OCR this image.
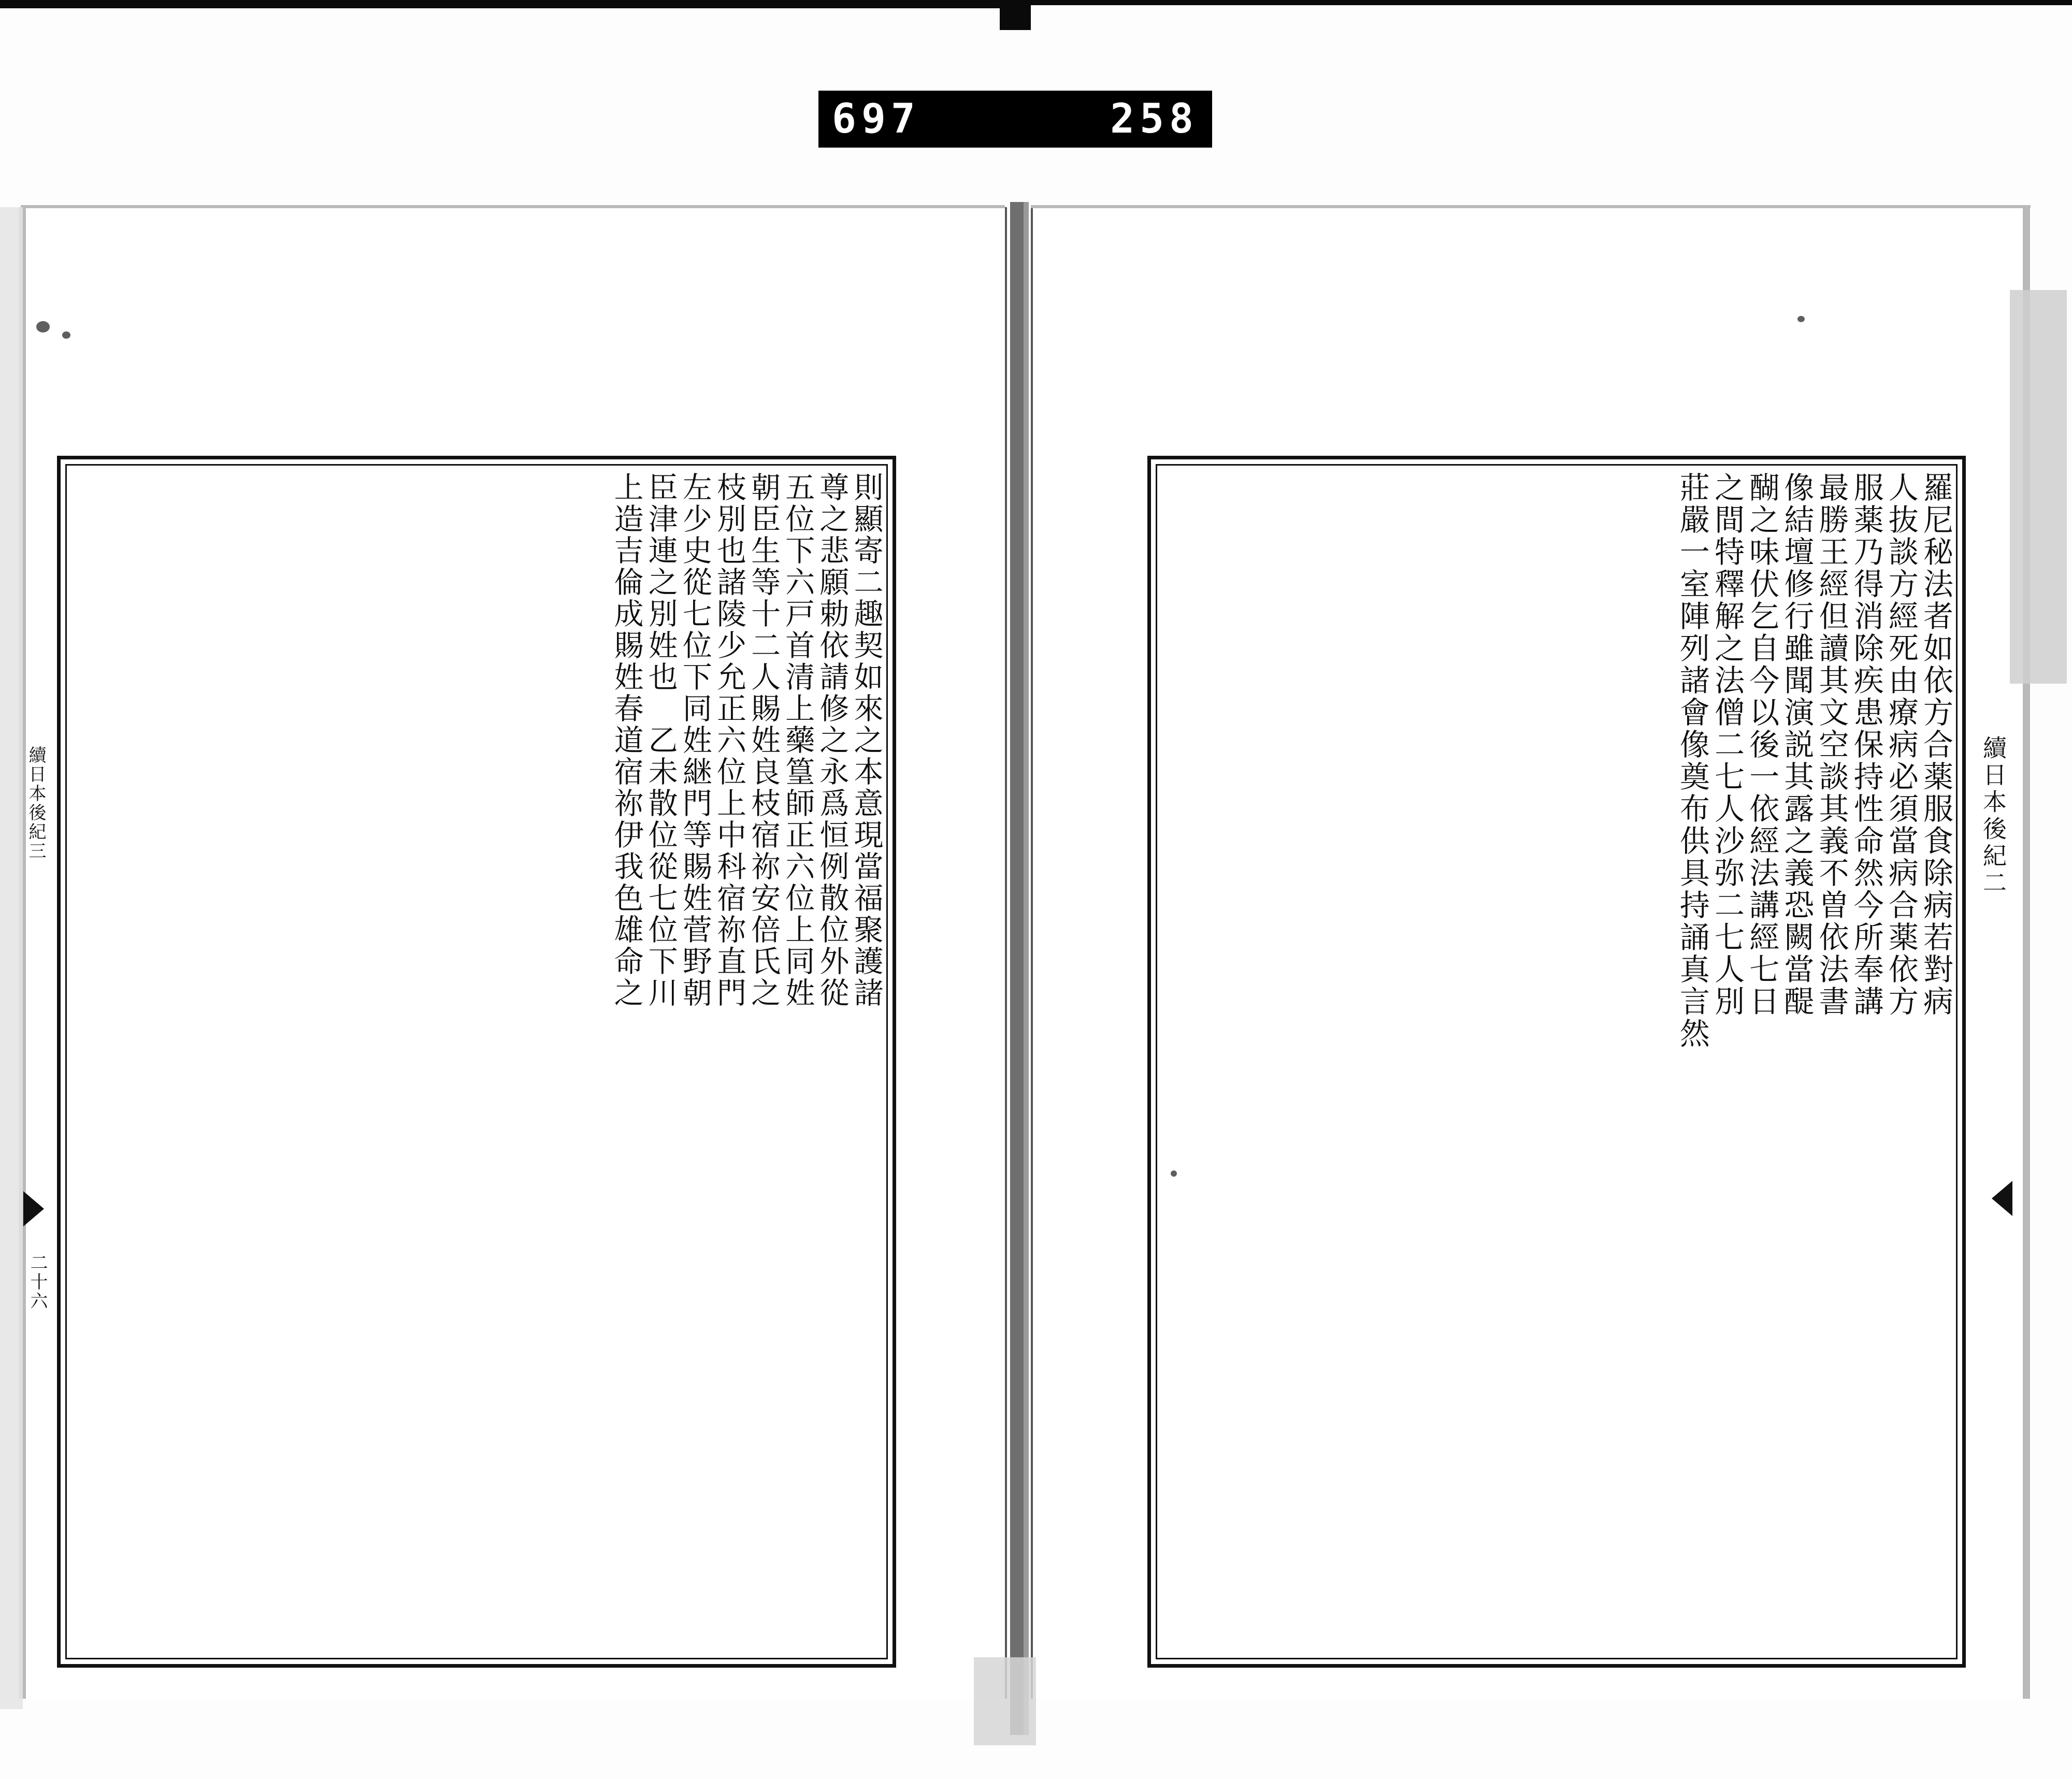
697	258
羅尼秘法者如依方合薬服食除病若對病
人抜談方經死由療病必須當病合薬依方
服薬乃得消除疾患保持性命然今所奉講
最勝王經但讀其文空談其義不曽依法書
像結壇修行雖聞演説其露之義恐闕當醍
醐之味伏乞自今以後一依經法講經七日
之間特釋解之法僧二七人沙弥二七人別
莊嚴一室陣列諸會像奠布供具持誦真言然	續日本後紀二
則顯寄二趣契如來之本意現當福聚護諸
尊之悲願勅依請修之永爲恒例散位外從
五位下六戸首清上藥篁師正六位上同姓
朝臣生等十二人賜姓良枝宿祢安倍氏之
枝別也諸陵少允正六位上中科宿祢直門
左少史從七位下同姓継門等賜姓菅野朝
臣津連之別姓也　乙未散位從七位下川
上造吉倫成賜姓春道宿祢伊我色雄命之
續日本後紀三
二十六
